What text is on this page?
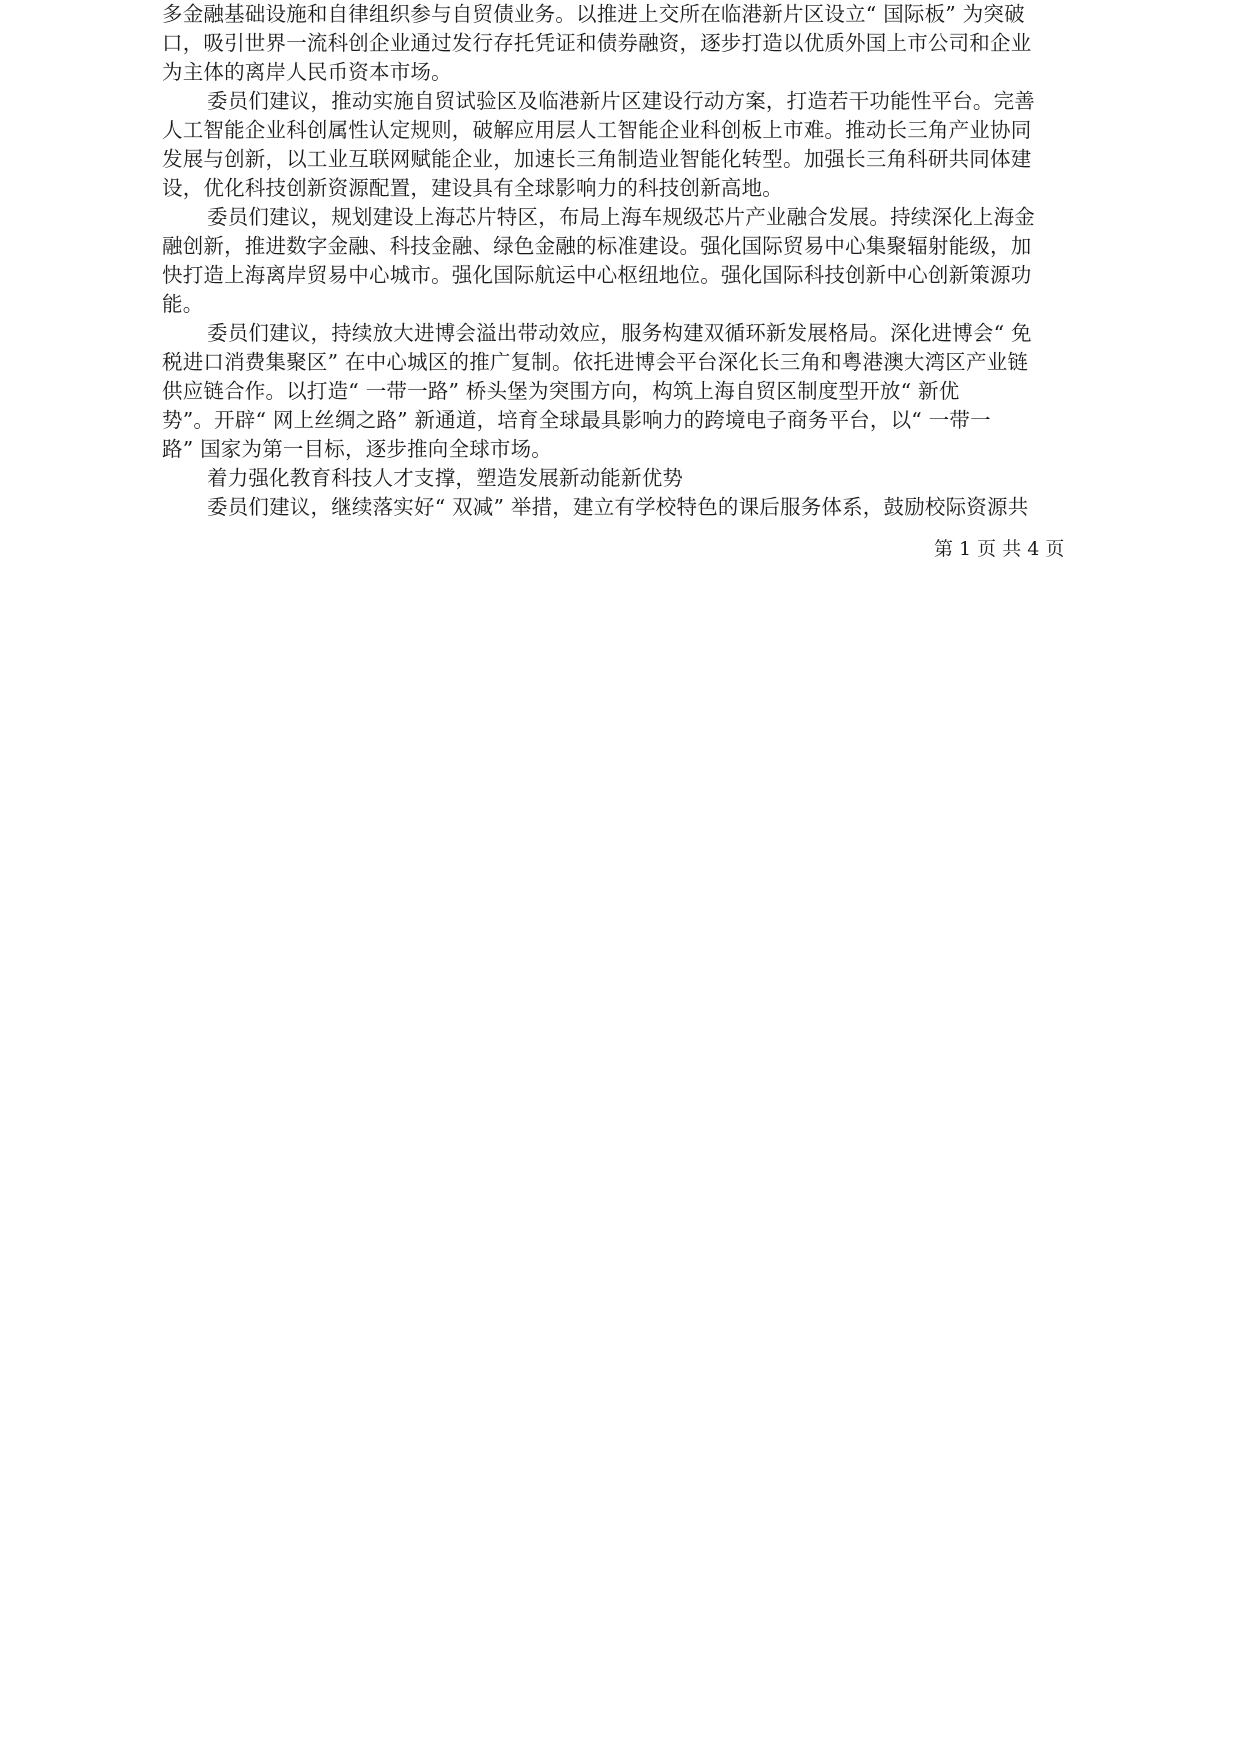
多金融基础设施和自律组织参与自贸债业务。以推进上交所在临港新片区设立“ 国际板” 为突破
口，吸引世界一流科创企业通过发行存托凭证和债券融资，逐步打造以优质外国上市公司和企业
为主体的离岸人民币资本市场。
委员们建议，推动实施自贸试验区及临港新片区建设行动方案，打造若干功能性平台。完善
人工智能企业科创属性认定规则，破解应用层人工智能企业科创板上市难。推动长三角产业协同
发展与创新，以工业互联网赋能企业，加速长三角制造业智能化转型。加强长三角科研共同体建
设，优化科技创新资源配置，建设具有全球影响力的科技创新高地。
委员们建议，规划建设上海芯片特区，布局上海车规级芯片产业融合发展。持续深化上海金
融创新，推进数字金融、科技金融、绿色金融的标准建设。强化国际贸易中心集聚辐射能级，加
快打造上海离岸贸易中心城市。强化国际航运中心枢纽地位。强化国际科技创新中心创新策源功
能。
委员们建议，持续放大进博会溢出带动效应，服务构建双循环新发展格局。深化进博会“ 免
税进口消费集聚区” 在中心城区的推广复制。依托进博会平台深化长三角和粤港澳大湾区产业链
供应链合作。以打造“ 一带一路” 桥头堡为突围方向，构筑上海自贸区制度型开放“ 新优
势”。开辟“ 网上丝绸之路” 新通道，培育全球最具影响力的跨境电子商务平台，以“ 一带一
路” 国家为第一目标，逐步推向全球市场。
着力强化教育科技人才支撑，塑造发展新动能新优势
委员们建议，继续落实好“ 双减” 举措，建立有学校特色的课后服务体系，鼓励校际资源共
第 1 页 共 4 页
